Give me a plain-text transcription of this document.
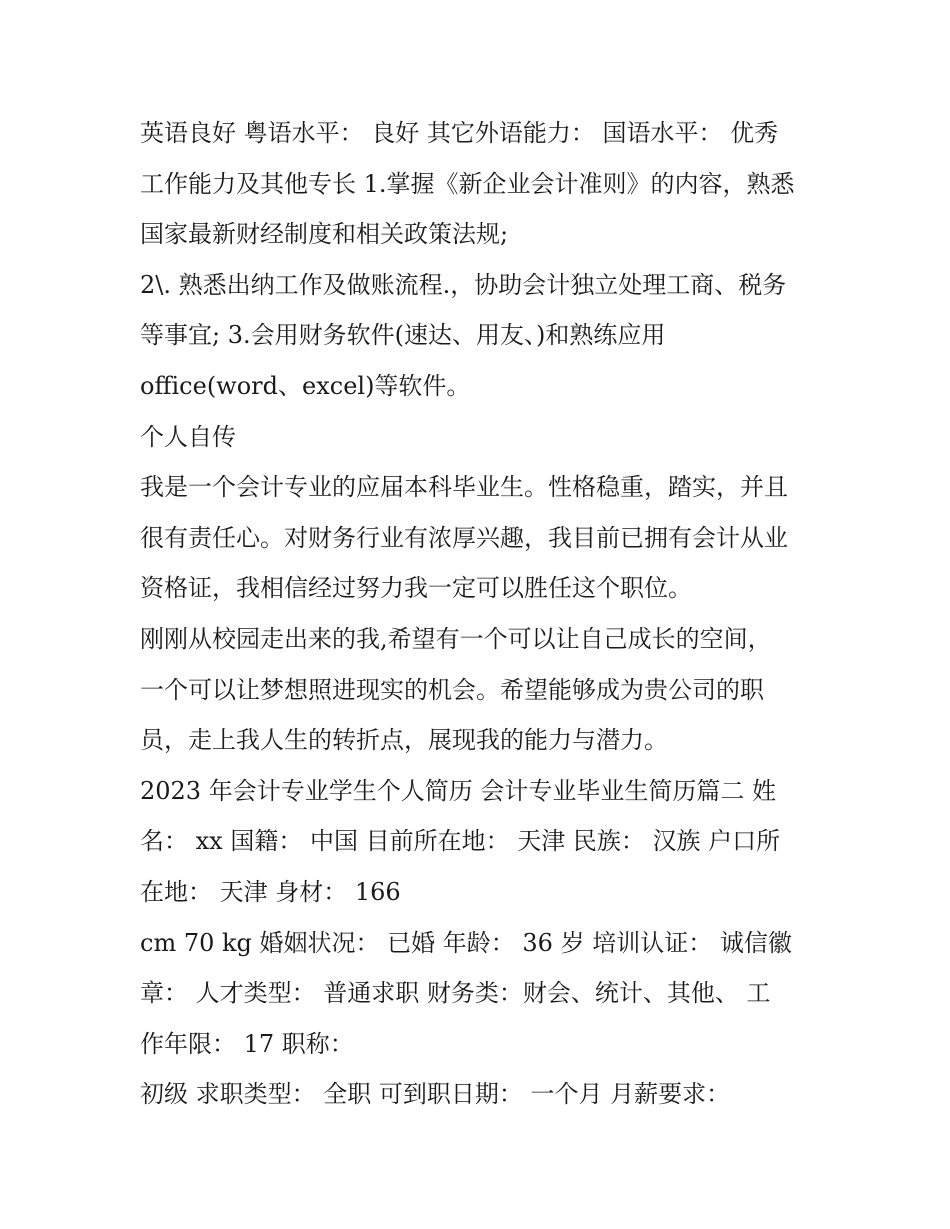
英语良好 粤语水平： 良好 其它外语能力： 国语水平： 优秀
工作能力及其他专长 1.掌握《新企业会计准则》的内容，熟悉
国家最新财经制度和相关政策法规;
2\. 熟悉出纳工作及做账流程.，协助会计独立处理工商、税务
等事宜; 3.会用财务软件(速达、用友、)和熟练应用
office(word、excel)等软件。
个人自传
我是一个会计专业的应届本科毕业生。性格稳重，踏实，并且
很有责任心。对财务行业有浓厚兴趣，我目前已拥有会计从业
资格证，我相信经过努力我一定可以胜任这个职位。
刚刚从校园走出来的我,希望有一个可以让自己成长的空间，
一个可以让梦想照进现实的机会。希望能够成为贵公司的职
员，走上我人生的转折点，展现我的能力与潜力。
2023 年会计专业学生个人简历 会计专业毕业生简历篇二 姓
名： xx 国籍： 中国 目前所在地： 天津 民族： 汉族 户口所
在地： 天津 身材： 166
cm 70 kg 婚姻状况： 已婚 年龄： 36 岁 培训认证： 诚信徽
章： 人才类型： 普通求职 财务类：财会、统计、其他、 工
作年限： 17 职称：
初级 求职类型： 全职 可到职日期： 一个月 月薪要求：
